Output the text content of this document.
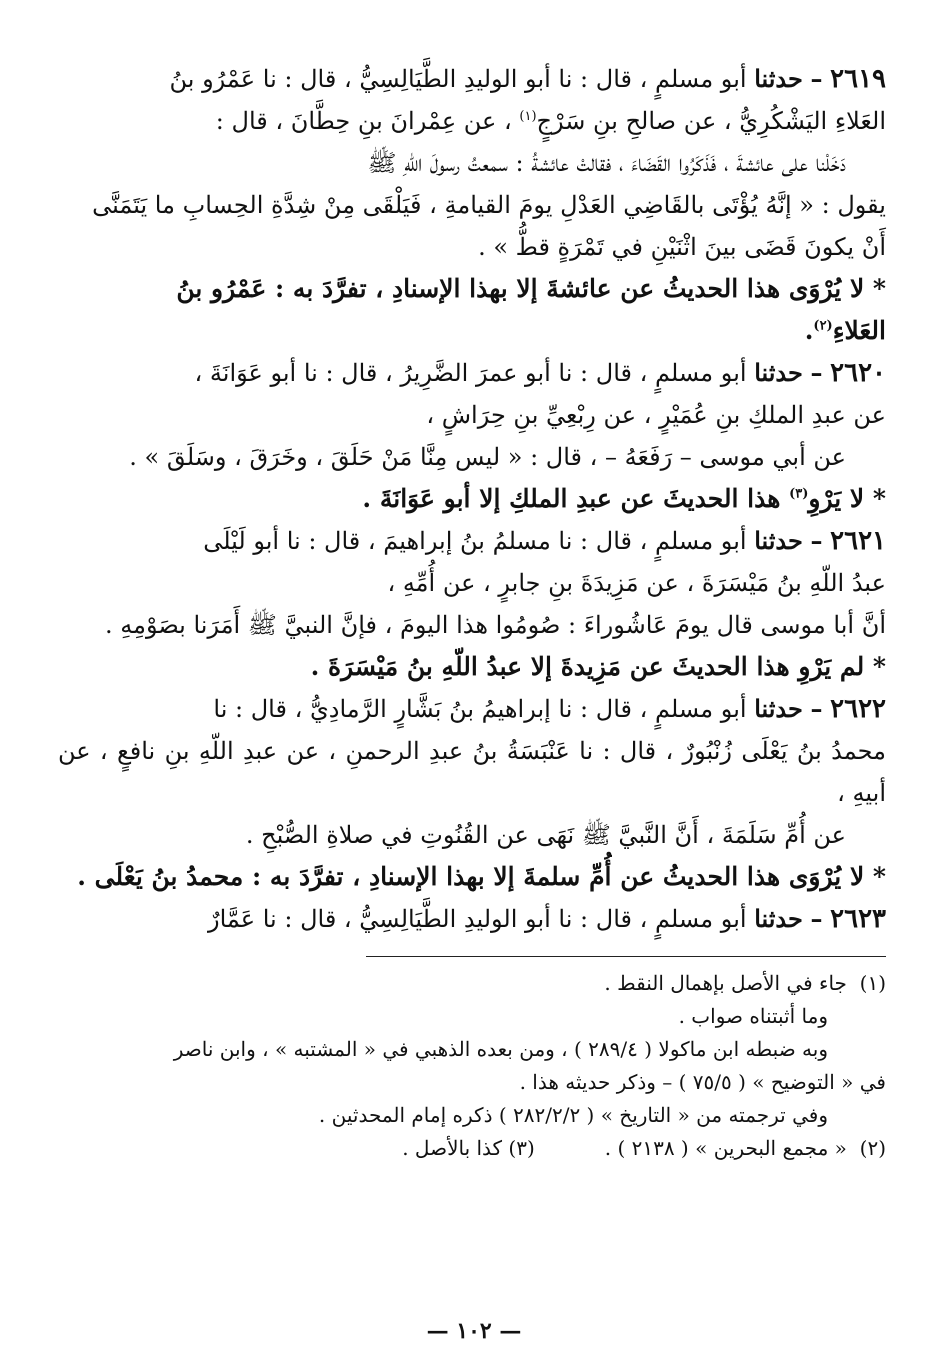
٢٦١٩ – حدثنا أبو مسلمٍ ، قال : نا أبو الوليدِ الطَّيَالِسِيُّ ، قال : نا عَمْرُو بنُ

العَلاءِ اليَشْكُرِيُّ ، عن صالحِ بنِ سَرْجٍ$^{(١)}$ ، عن عِمْرانَ بنِ حِطَّانَ ، قال :

دَخَلْنا على عائشةَ ، فَذَكَرُوا القَضَاءَ ، فقالتْ عائشةُ : سمعتُ رسولَ اللّهِ ﷺ

يقول : « إنَّهُ يُؤْتَى بالقَاضِي العَدْلِ يومَ القيامةِ ، فَيَلْقَى مِنْ شِدَّةِ الحِسابِ ما يَتَمَنَّى

أَنْ يكونَ قَضَى بينَ اثْنَيْنِ في تَمْرَةٍ قطُّ » .

* لا يُرْوَى هذا الحديثُ عن عائشةَ إلا بهذا الإسنادِ ، تفرَّدَ به : عَمْرُو بنُ

العَلاءِ$^{(٢)}$.

٢٦٢٠ – حدثنا أبو مسلمٍ ، قال : نا أبو عمرَ الضَّرِيرُ ، قال : نا أبو عَوَانَةَ ،

عن عبدِ الملكِ بنِ عُمَيْرٍ ، عن رِبْعِيِّ بنِ حِرَاشٍ ،

عن أبي موسى – رَفَعَهُ – ، قال : « ليس مِنَّا مَنْ حَلَقَ ، وخَرَقَ ، وسَلَقَ » .

* لا يَرْوِ$^{(٣)}$ هذا الحديثَ عن عبدِ الملكِ إلا أبو عَوَانَةَ .

٢٦٢١ – حدثنا أبو مسلمٍ ، قال : نا مسلمُ بنُ إبراهيمَ ، قال : نا أبو لَيْلَى

عبدُ اللّهِ بنُ مَيْسَرَةَ ، عن مَزِيدَةَ بنِ جابرٍ ، عن أُمِّهِ ،

أنَّ أبا موسى قال يومَ عَاشُوراءَ : صُومُوا هذا اليومَ ، فإنَّ النبيَّ ﷺ أَمَرَنا بصَوْمِهِ .

* لم يَرْوِ هذا الحديثَ عن مَزِيدةَ إلا عبدُ اللّهِ بنُ مَيْسَرَةَ .

٢٦٢٢ – حدثنا أبو مسلمٍ ، قال : نا إبراهيمُ بنُ بَشَّارٍ الرَّمادِيُّ ، قال : نا

محمدُ بنُ يَعْلَى زُنْبُورٌ ، قال : نا عَنْبَسَةُ بنُ عبدِ الرحمنِ ، عن عبدِ اللّهِ بنِ نافعٍ ، عن أبيهِ ،

عن أُمِّ سَلَمَةَ ، أَنَّ النَّبيَّ ﷺ نَهَى عن القُنُوتِ في صلاةِ الصُّبْحِ .

* لا يُرْوَى هذا الحديثُ عن أُمِّ سلمةَ إلا بهذا الإسنادِ ، تفرَّدَ به : محمدُ بنُ يَعْلَى .

٢٦٢٣ – حدثنا أبو مسلمٍ ، قال : نا أبو الوليدِ الطَّيَالِسِيُّ ، قال : نا عَمَّارٌ

(١)  جاء في الأصل بإهمال النقط .

وما أثبتناه صواب .

وبه ضبطه ابن ماكولا ( ٢٨٩/٤ ) ، ومن بعده الذهبي في « المشتبه » ، وابن ناصر

في « التوضيح » ( ٧٥/٥ ) – وذكر حديثه هذا .

وفي ترجمته من « التاريخ » ( ٢٨٢/٢/٢ ) ذكره إمام المحدثين .

(٢)  « مجمع البحرين » ( ٢١٣٨ ) .           (٣) كذا بالأصل .

— ١٠٢ —
